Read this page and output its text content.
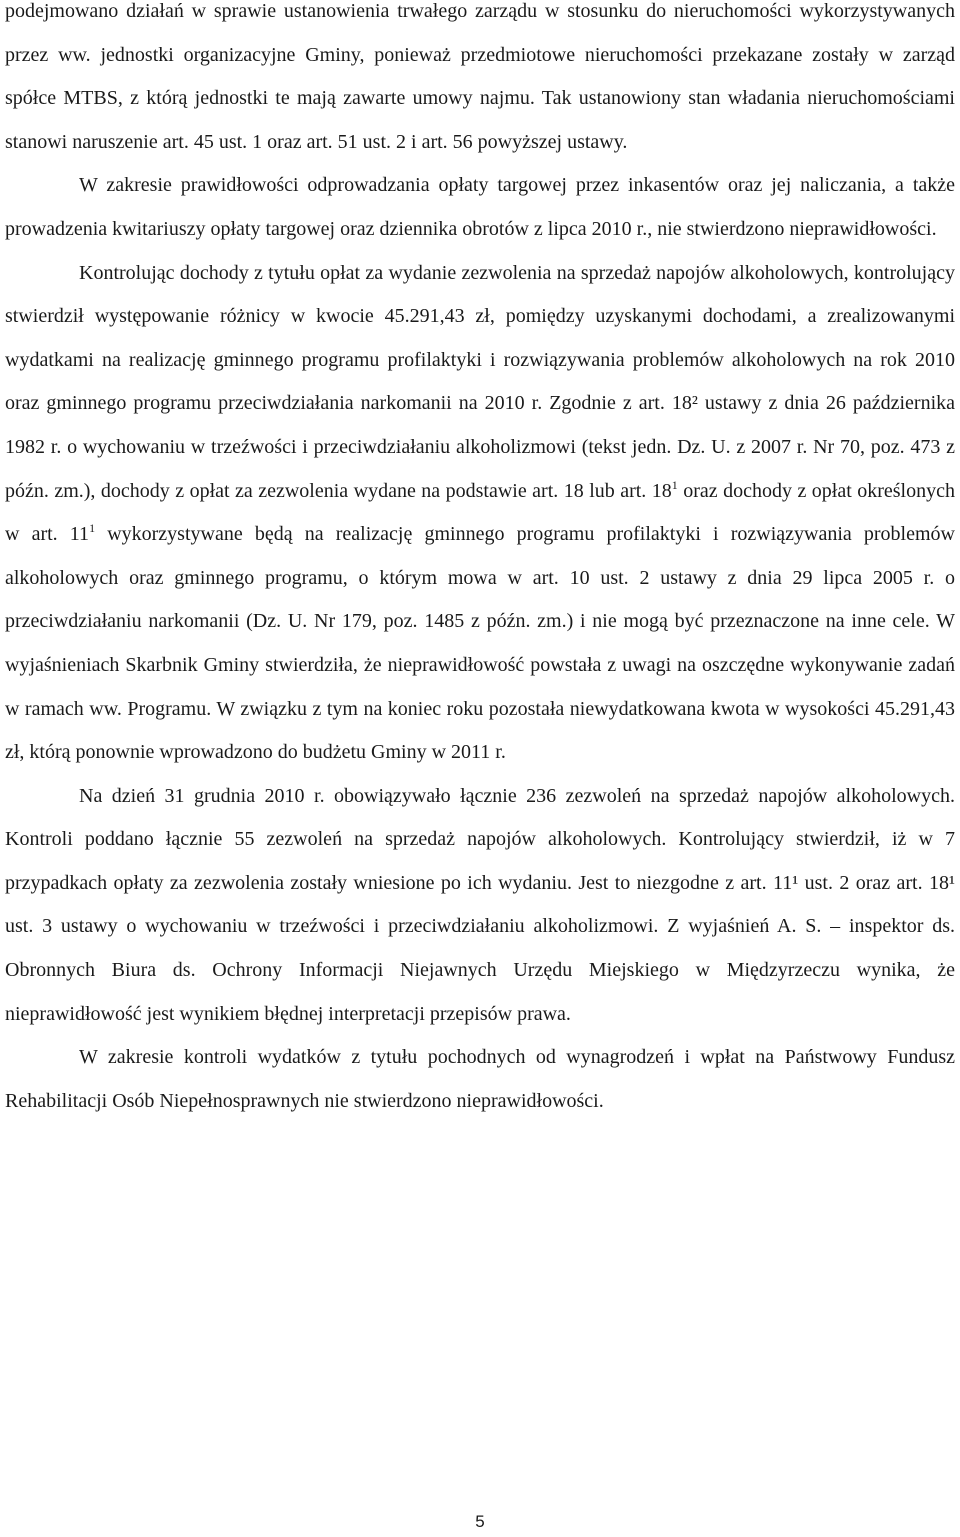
podejmowano działań w sprawie ustanowienia trwałego zarządu w stosunku do nieruchomości wykorzystywanych przez ww. jednostki organizacyjne Gminy, ponieważ przedmiotowe nieruchomości przekazane zostały w zarząd spółce MTBS, z którą jednostki te mają zawarte umowy najmu. Tak ustanowiony stan władania nieruchomościami stanowi naruszenie art. 45 ust. 1 oraz art. 51 ust. 2 i art. 56 powyższej ustawy.

W zakresie prawidłowości odprowadzania opłaty targowej przez inkasentów oraz jej naliczania, a także prowadzenia kwitariuszy opłaty targowej oraz dziennika obrotów z lipca 2010 r., nie stwierdzono nieprawidłowości.

Kontrolując dochody z tytułu opłat za wydanie zezwolenia na sprzedaż napojów alkoholowych, kontrolujący stwierdził występowanie różnicy w kwocie 45.291,43 zł, pomiędzy uzyskanymi dochodami, a zrealizowanymi wydatkami na realizację gminnego programu profilaktyki i rozwiązywania problemów alkoholowych na rok 2010 oraz gminnego programu przeciwdziałania narkomanii na 2010 r. Zgodnie z art. 18² ustawy z dnia 26 października 1982 r. o wychowaniu w trzeźwości i przeciwdziałaniu alkoholizmowi (tekst jedn. Dz. U. z 2007 r. Nr 70, poz. 473 z późn. zm.), dochody z opłat za zezwolenia wydane na podstawie art. 18 lub art. $18^1$ oraz dochody z opłat określonych w art. $11^1$ wykorzystywane będą na realizację gminnego programu profilaktyki i rozwiązywania problemów alkoholowych oraz gminnego programu, o którym mowa w art. 10 ust. 2 ustawy z dnia 29 lipca 2005 r. o przeciwdziałaniu narkomanii (Dz. U. Nr 179, poz. 1485 z późn. zm.) i nie mogą być przeznaczone na inne cele. W wyjaśnieniach Skarbnik Gminy stwierdziła, że nieprawidłowość powstała z uwagi na oszczędne wykonywanie zadań w ramach ww. Programu. W związku z tym na koniec roku pozostała niewydatkowana kwota w wysokości 45.291,43 zł, którą ponownie wprowadzono do budżetu Gminy w 2011 r.

Na dzień 31 grudnia 2010 r. obowiązywało łącznie 236 zezwoleń na sprzedaż napojów alkoholowych. Kontroli poddano łącznie 55 zezwoleń na sprzedaż napojów alkoholowych. Kontrolujący stwierdził, iż w 7 przypadkach opłaty za zezwolenia zostały wniesione po ich wydaniu. Jest to niezgodne z art. 11¹ ust. 2 oraz art. 18¹ ust. 3 ustawy o wychowaniu w trzeźwości i przeciwdziałaniu alkoholizmowi. Z wyjaśnień A. S. – inspektor ds. Obronnych Biura ds. Ochrony Informacji Niejawnych Urzędu Miejskiego w Międzyrzeczu wynika, że nieprawidłowość jest wynikiem błędnej interpretacji przepisów prawa.

W zakresie kontroli wydatków z tytułu pochodnych od wynagrodzeń i wpłat na Państwowy Fundusz Rehabilitacji Osób Niepełnosprawnych nie stwierdzono nieprawidłowości.

5
